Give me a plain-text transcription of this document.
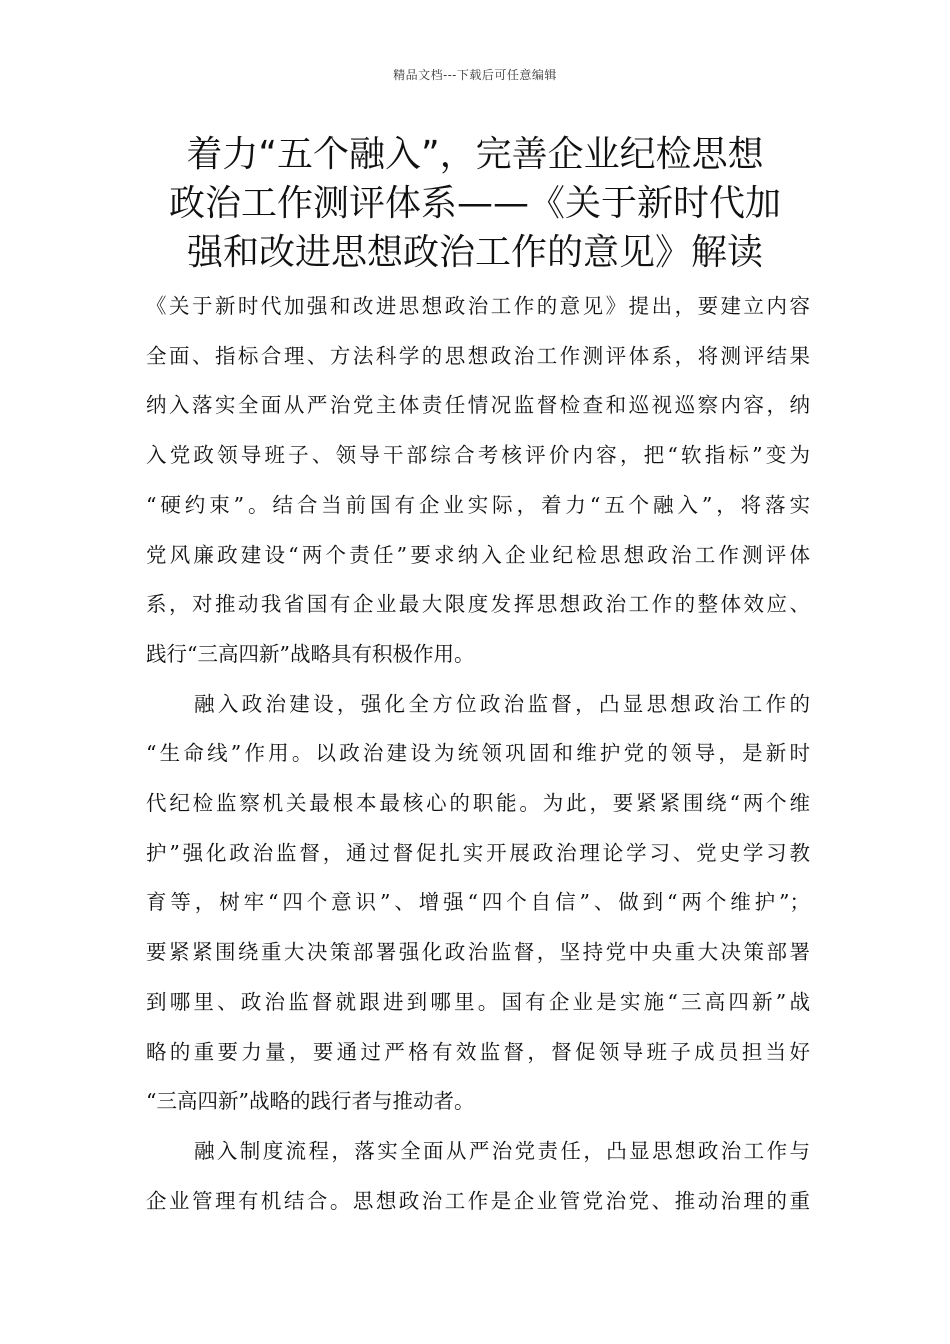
精品文档---下载后可任意编辑
着力“五个融入”，完善企业纪检思想
政治工作测评体系——《关于新时代加
强和改进思想政治工作的意见》解读

《关于新时代加强和改进思想政治工作的意见》提出，要建立内容
全面、指标合理、方法科学的思想政治工作测评体系，将测评结果
纳入落实全面从严治党主体责任情况监督检查和巡视巡察内容，纳
入党政领导班子、领导干部综合考核评价内容，把“软指标”变为
“硬约束”。结合当前国有企业实际，着力“五个融入”，将落实
党风廉政建设“两个责任”要求纳入企业纪检思想政治工作测评体
系，对推动我省国有企业最大限度发挥思想政治工作的整体效应、
践行“三高四新”战略具有积极作用。

融入政治建设，强化全方位政治监督，凸显思想政治工作的
“生命线”作用。以政治建设为统领巩固和维护党的领导，是新时
代纪检监察机关最根本最核心的职能。为此，要紧紧围绕“两个维
护”强化政治监督，通过督促扎实开展政治理论学习、党史学习教
育等，树牢“四个意识”、增强“四个自信”、做到“两个维护”；
要紧紧围绕重大决策部署强化政治监督，坚持党中央重大决策部署
到哪里、政治监督就跟进到哪里。国有企业是实施“三高四新”战
略的重要力量，要通过严格有效监督，督促领导班子成员担当好
“三高四新”战略的践行者与推动者。

融入制度流程，落实全面从严治党责任，凸显思想政治工作与
企业管理有机结合。思想政治工作是企业管党治党、推动治理的重
